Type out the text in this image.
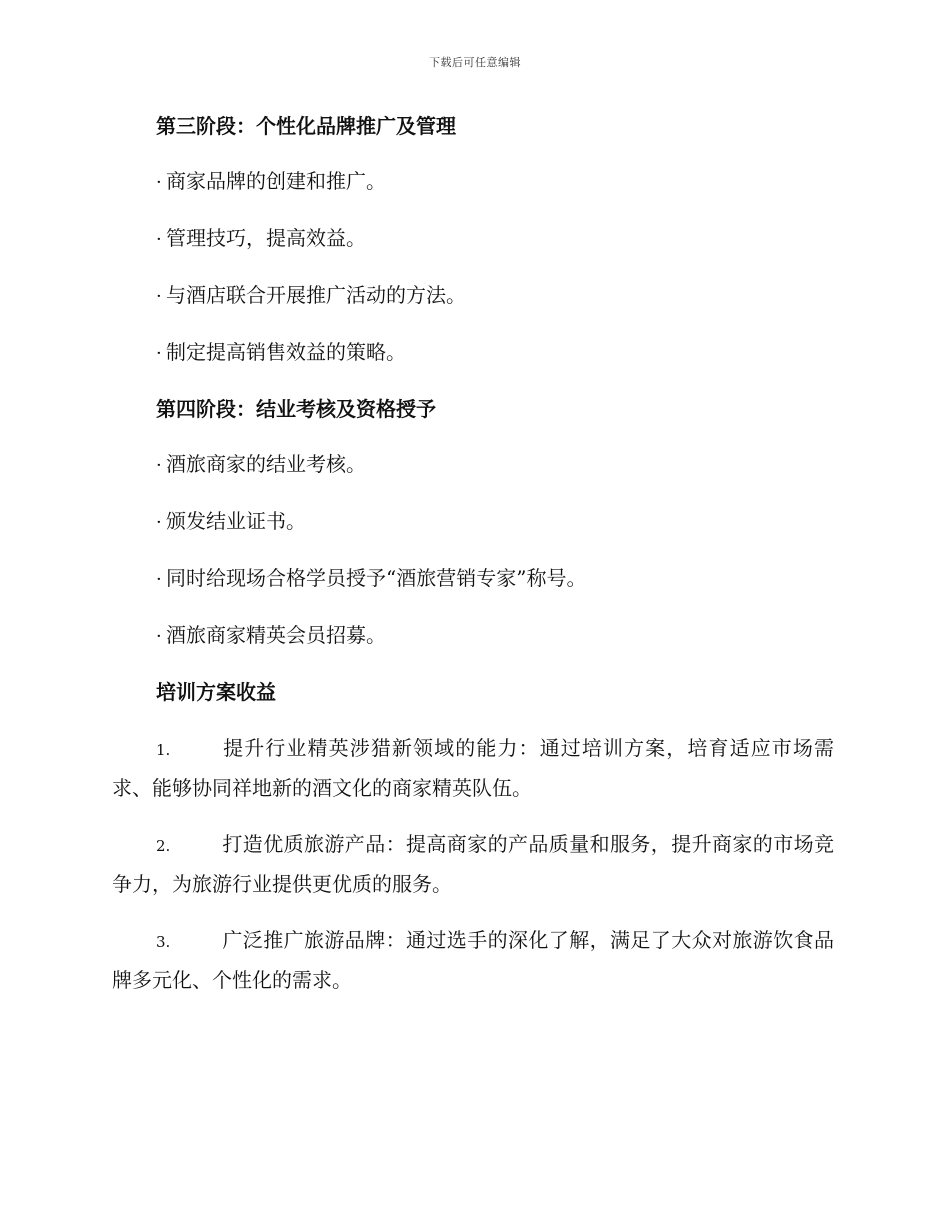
下载后可任意编辑
第三阶段：个性化品牌推广及管理
· 商家品牌的创建和推广。
· 管理技巧，提高效益。
· 与酒店联合开展推广活动的方法。
· 制定提高销售效益的策略。
第四阶段：结业考核及资格授予
· 酒旅商家的结业考核。
· 颁发结业证书。
· 同时给现场合格学员授予“酒旅营销专家”称号。
· 酒旅商家精英会员招募。
培训方案收益

1.	提升行业精英涉猎新领域的能力：通过培训方案，培育适应市场需求、能够协同祥地新的酒文化的商家精英队伍。

2.	打造优质旅游产品：提高商家的产品质量和服务，提升商家的市场竞争力，为旅游行业提供更优质的服务。

3.	广泛推广旅游品牌：通过选手的深化了解，满足了大众对旅游饮食品牌多元化、个性化的需求。
